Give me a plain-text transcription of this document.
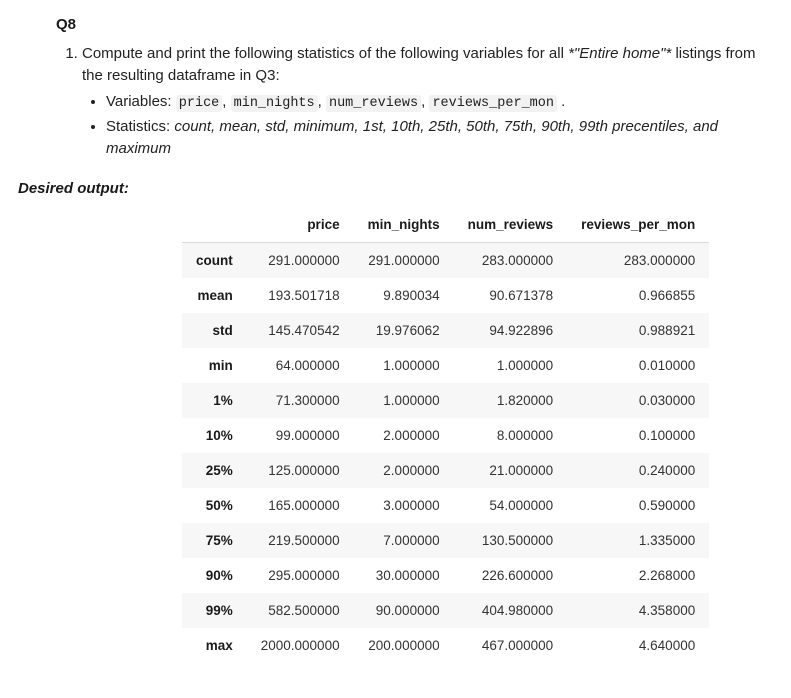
Q8
1. Compute and print the following statistics of the following variables for all *"Entire home"* listings from the resulting dataframe in Q3:
• Variables: price , min_nights , num_reviews , reviews_per_mon .
• Statistics: count, mean, std, minimum, 1st, 10th, 25th, 50th, 75th, 90th, 99th precentiles, and maximum
Desired output:
	price	min_nights	num_reviews	reviews_per_mon
count	291.000000	291.000000	283.000000	283.000000
mean	193.501718	9.890034	90.671378	0.966855
std	145.470542	19.976062	94.922896	0.988921
min	64.000000	1.000000	1.000000	0.010000
1%	71.300000	1.000000	1.820000	0.030000
10%	99.000000	2.000000	8.000000	0.100000
25%	125.000000	2.000000	21.000000	0.240000
50%	165.000000	3.000000	54.000000	0.590000
75%	219.500000	7.000000	130.500000	1.335000
90%	295.000000	30.000000	226.600000	2.268000
99%	582.500000	90.000000	404.980000	4.358000
max	2000.000000	200.000000	467.000000	4.640000
